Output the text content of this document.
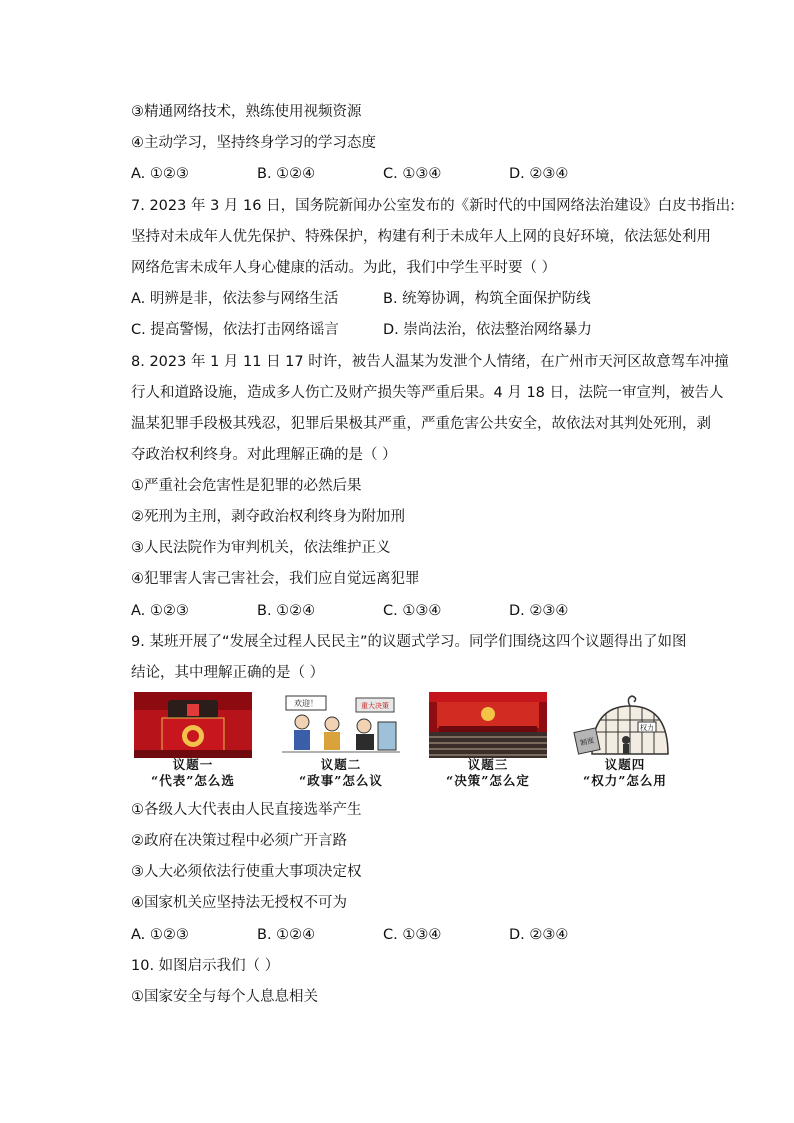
③精通网络技术，熟练使用视频资源
④主动学习，坚持终身学习的学习态度
A. ①②③	B. ①②④	C. ①③④	D. ②③④
7. 2023 年 3 月 16 日，国务院新闻办公室发布的《新时代的中国网络法治建设》白皮书指出:
坚持对未成年人优先保护、特殊保护，构建有利于未成年人上网的良好环境，依法惩处利用
网络危害未成年人身心健康的活动。为此，我们中学生平时要（ ）
A. 明辨是非，依法参与网络生活	B. 统筹协调，构筑全面保护防线
C. 提高警惕，依法打击网络谣言	D. 崇尚法治，依法整治网络暴力
8. 2023 年 1 月 11 日 17 时许，被告人温某为发泄个人情绪，在广州市天河区故意驾车冲撞
行人和道路设施，造成多人伤亡及财产损失等严重后果。4 月 18 日，法院一审宣判，被告人
温某犯罪手段极其残忍，犯罪后果极其严重，严重危害公共安全，故依法对其判处死刑，剥
夺政治权利终身。对此理解正确的是（ ）
①严重社会危害性是犯罪的必然后果
②死刑为主刑，剥夺政治权利终身为附加刑
③人民法院作为审判机关，依法维护正义
④犯罪害人害己害社会，我们应自觉远离犯罪
A. ①②③	B. ①②④	C. ①③④	D. ②③④
9. 某班开展了“发展全过程人民民主”的议题式学习。同学们围绕这四个议题得出了如图
结论，其中理解正确的是（ ）
欢迎！	重大决策
制度
权力
议题一
“代表”怎么选
议题二
“政事”怎么议
议题三
“决策”怎么定
议题四
“权力”怎么用
①各级人大代表由人民直接选举产生
②政府在决策过程中必须广开言路
③人大必须依法行使重大事项决定权
④国家机关应坚持法无授权不可为
A. ①②③	B. ①②④	C. ①③④	D. ②③④
10. 如图启示我们（ ）
①国家安全与每个人息息相关
